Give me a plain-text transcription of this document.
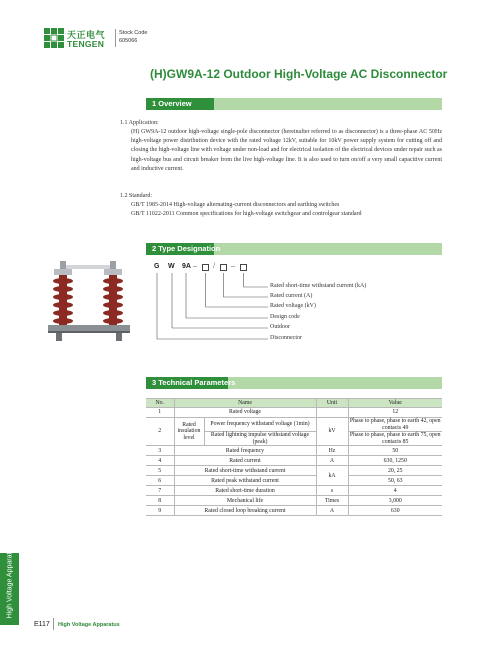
天正电气
TENGEN
Stock Code
605066
(H)GW9A-12 Outdoor High-Voltage AC Disconnector
1 Overview
1.1 Application:
(H) GW9A-12 outdoor high-voltage single-pole disconnector (hereinafter referred to as disconnector) is a three-phase AC 50Hz high-voltage power distribution device with the rated voltage 12kV, suitable for 10kV power supply system for cutting off and closing the high-voltage line with voltage under non-load and for electrical isolation of the electrical devices under repair such as high-voltage bus and circuit breaker from the live high-voltage line. It is also used to turn on/off a very small capacitive current and inductive current.
1.2 Standard:
GB/T 1985-2014 High-voltage alternating-current disconnectors and earthing switches
GB/T 11022-2011 Common specifications for high-voltage switchgear and controlgear standard
2 Type Designation
G W 9A – / –
Rated short-time withstand current (kA)
Rated current (A)
Rated voltage (kV)
Design code
Outdoor
Disconnector
3 Technical Parameters
No.	Name		Unit	Value
1	Rated voltage			12
2	Rated insulation level	Power frequency withstand voltage (1min)	kV	Phase to phase, phase to earth 42, open contacts 49
		Rated lightning impulse withstand voltage (peak)		Phase to phase, phase to earth 75, open contacts 85
3	Rated frequency		Hz	50
4	Rated current		A	630, 1250
5	Rated short-time withstand current		kA	20, 25
6	Rated peak withstand current			50, 63
7	Rated short-time duration		s	4
8	Mechanical life		Times	3,000
9	Rated closed loop breaking current		A	630
High Voltage Apparatus
E117 High Voltage Apparatus
